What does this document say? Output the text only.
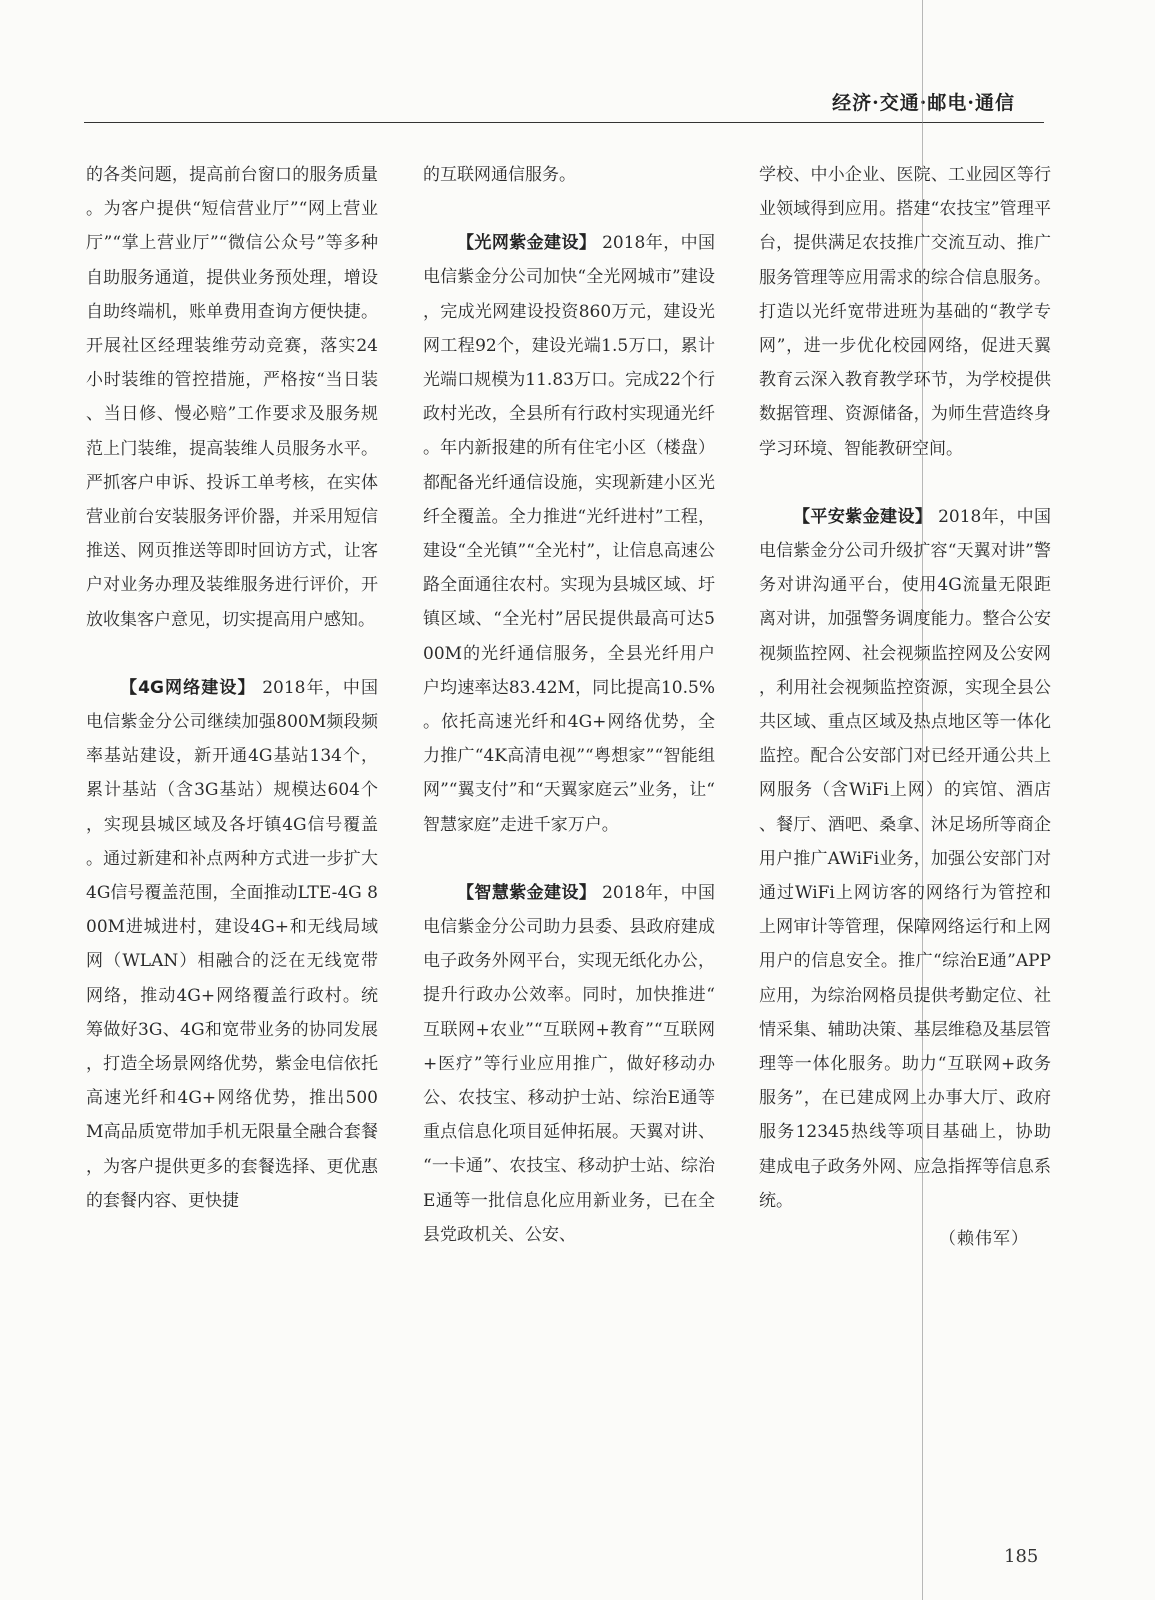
经济·交通·邮电·通信

的各类问题，提高前台窗口的服务质量。为客户提供“短信营业厅”“网上营业厅”“掌上营业厅”“微信公众号”等多种自助服务通道，提供业务预处理，增设自助终端机，账单费用查询方便快捷。开展社区经理装维劳动竞赛，落实24小时装维的管控措施，严格按“当日装、当日修、慢必赔”工作要求及服务规范上门装维，提高装维人员服务水平。严抓客户申诉、投诉工单考核，在实体营业前台安装服务评价器，并采用短信推送、网页推送等即时回访方式，让客户对业务办理及装维服务进行评价，开放收集客户意见，切实提高用户感知。

【4G网络建设】 2018年，中国电信紫金分公司继续加强800M频段频率基站建设，新开通4G基站134个，累计基站（含3G基站）规模达604个，实现县城区域及各圩镇4G信号覆盖。通过新建和补点两种方式进一步扩大4G信号覆盖范围，全面推动LTE-4G 800M进城进村，建设4G+和无线局域网（WLAN）相融合的泛在无线宽带网络，推动4G+网络覆盖行政村。统筹做好3G、4G和宽带业务的协同发展，打造全场景网络优势，紫金电信依托高速光纤和4G+网络优势，推出500M高品质宽带加手机无限量全融合套餐，为客户提供更多的套餐选择、更优惠的套餐内容、更快捷

的互联网通信服务。

【光网紫金建设】 2018年，中国电信紫金分公司加快“全光网城市”建设，完成光网建设投资860万元，建设光网工程92个，建设光端1.5万口，累计光端口规模为11.83万口。完成22个行政村光改，全县所有行政村实现通光纤。年内新报建的所有住宅小区（楼盘）都配备光纤通信设施，实现新建小区光纤全覆盖。全力推进“光纤进村”工程，建设“全光镇”“全光村”，让信息高速公路全面通往农村。实现为县城区域、圩镇区域、“全光村”居民提供最高可达500M的光纤通信服务，全县光纤用户户均速率达83.42M，同比提高10.5%。依托高速光纤和4G+网络优势，全力推广“4K高清电视”“粤想家”“智能组网”“翼支付”和“天翼家庭云”业务，让“智慧家庭”走进千家万户。

【智慧紫金建设】 2018年，中国电信紫金分公司助力县委、县政府建成电子政务外网平台，实现无纸化办公，提升行政办公效率。同时，加快推进“互联网+农业”“互联网+教育”“互联网+医疗”等行业应用推广，做好移动办公、农技宝、移动护士站、综治E通等重点信息化项目延伸拓展。天翼对讲、“一卡通”、农技宝、移动护士站、综治E通等一批信息化应用新业务，已在全县党政机关、公安、

学校、中小企业、医院、工业园区等行业领域得到应用。搭建“农技宝”管理平台，提供满足农技推广交流互动、推广服务管理等应用需求的综合信息服务。打造以光纤宽带进班为基础的“教学专网”，进一步优化校园网络，促进天翼教育云深入教育教学环节，为学校提供数据管理、资源储备，为师生营造终身学习环境、智能教研空间。

【平安紫金建设】 2018年，中国电信紫金分公司升级扩容“天翼对讲”警务对讲沟通平台，使用4G流量无限距离对讲，加强警务调度能力。整合公安视频监控网、社会视频监控网及公安网，利用社会视频监控资源，实现全县公共区域、重点区域及热点地区等一体化监控。配合公安部门对已经开通公共上网服务（含WiFi上网）的宾馆、酒店、餐厅、酒吧、桑拿、沐足场所等商企用户推广AWiFi业务，加强公安部门对通过WiFi上网访客的网络行为管控和上网审计等管理，保障网络运行和上网用户的信息安全。推广“综治E通”APP应用，为综治网格员提供考勤定位、社情采集、辅助决策、基层维稳及基层管理等一体化服务。助力“互联网+政务服务”，在已建成网上办事大厅、政府服务12345热线等项目基础上，协助建成电子政务外网、应急指挥等信息系统。

（赖伟军）

185
